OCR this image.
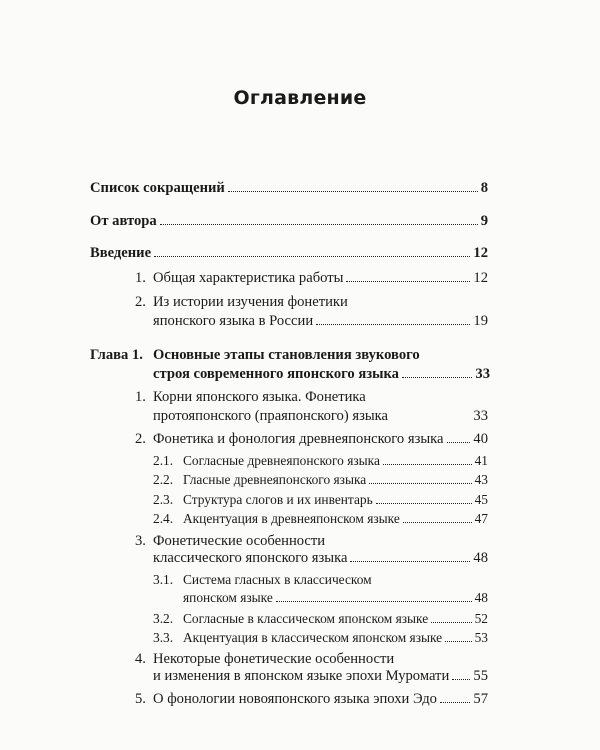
Оглавление
Список сокращений	8
От автора	9
Введение	12
1. Общая характеристика работы	12
2. Из истории изучения фонетики
японского языка в России	19
Глава 1. Основные этапы становления звукового
строя современного японского языка	33
1. Корни японского языка. Фонетика
протояпонского (праяпонского) языка	33
2. Фонетика и фонология древнеяпонского языка 40
2.1. Согласные древнеяпонского языка	41
2.2. Гласные древнеяпонского языка	43
2.3. Структура слогов и их инвентарь	45
2.4. Акцентуация в древнеяпонском языке	47
3. Фонетические особенности
классического японского языка	48
3.1. Система гласных в классическом
японском языке	48
3.2. Согласные в классическом японском языке	52
3.3. Акцентуация в классическом японском языке 53
4. Некоторые фонетические особенности
и изменения в японском языке эпохи Муромати 55
5. О фонологии новояпонского языка эпохи Эдо 57
